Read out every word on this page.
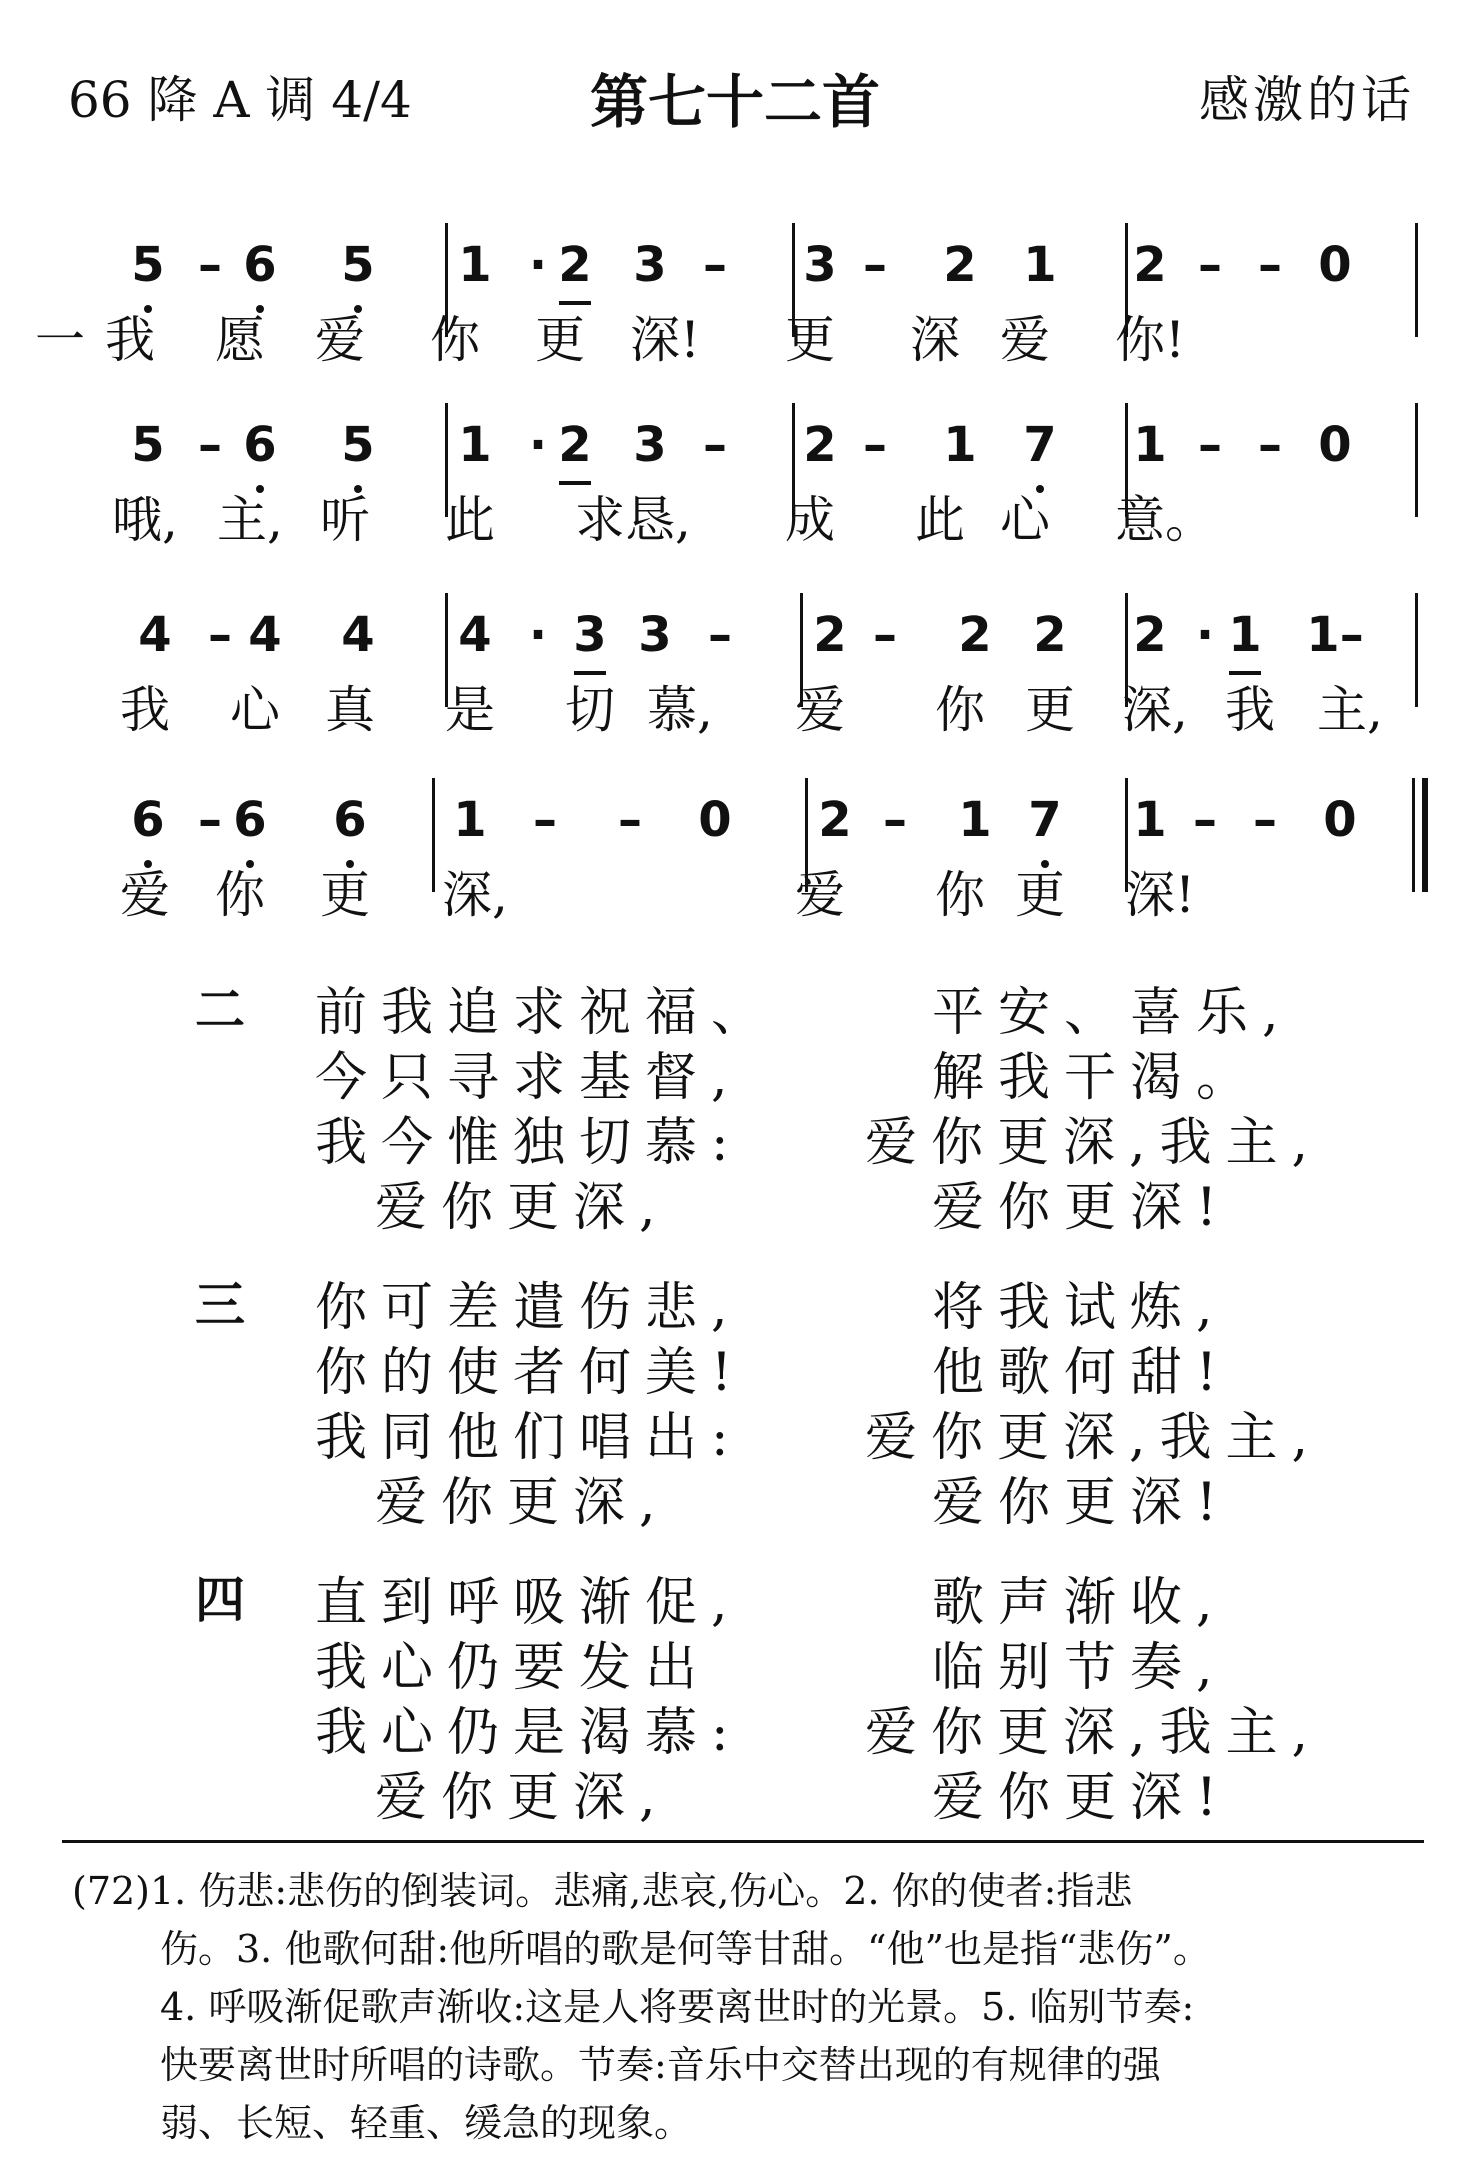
66 降 A 调 4/4	第七十二首	感激的话
5 – 6 5 1 · 2 3 –	3 –	2 1 2 – – 0
一 我	愿	爱	你	更 深!	更	深 爱	你!
5 – 6 5 1 · 2 3 –	2 –	1 7 1 – – 0
哦, 主, 听	此	求恳,	成	此 心	意。
4 – 4 4 4 · 3 3 –	2 –	2 2 2 · 1 1–
我	心 真	是	切 慕,	爱	你 更 深, 我 主,
6 – 6 6 1 –	–	0 2 –	1 7 1 – – 0
爱 你	更	深,	爱	你 更	深!
二 前我追求祝福、	平安、喜乐,
今只寻求基督,	解我干渴。
我今惟独切慕: 爱你更深,我主,
爱你更深,	爱你更深!
三 你可差遣伤悲,	将我试炼,
你的使者何美!	他歌何甜!
我同他们唱出: 爱你更深,我主,
爱你更深,	爱你更深!
四 直到呼吸渐促,	歌声渐收,
我心仍要发出	临别节奏,
我心仍是渴慕: 爱你更深,我主,
爱你更深,	爱你更深!

(72)1. 伤悲:悲伤的倒装词。悲痛,悲哀,伤心。2. 你的使者:指悲

伤。3. 他歌何甜:他所唱的歌是何等甘甜。“他”也是指“悲伤”。

4. 呼吸渐促歌声渐收:这是人将要离世时的光景。5. 临别节奏:

快要离世时所唱的诗歌。节奏:音乐中交替出现的有规律的强

弱、长短、轻重、缓急的现象。
